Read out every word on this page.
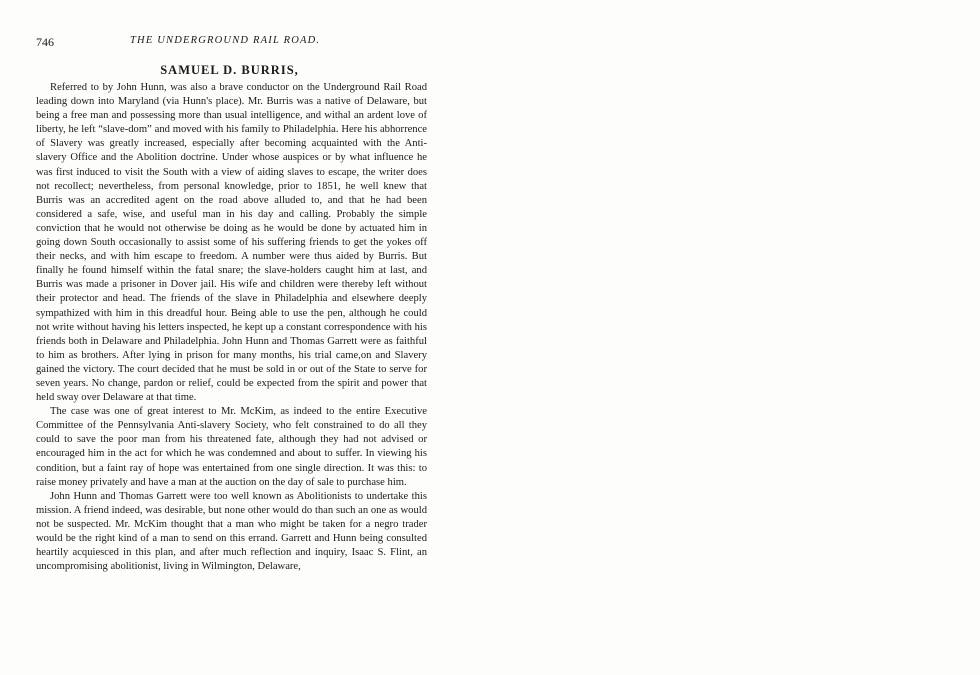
746	THE UNDERGROUND RAIL ROAD.
SAMUEL D. BURRIS,

Referred to by John Hunn, was also a brave conductor on the Underground Rail Road leading down into Maryland (via Hunn's place). Mr. Burris was a native of Delaware, but being a free man and possessing more than usual intelligence, and withal an ardent love of liberty, he left “slave-dom” and moved with his family to Philadelphia. Here his abhorrence of Slavery was greatly increased, especially after becoming acquainted with the Anti-slavery Office and the Abolition doctrine. Under whose auspices or by what influence he was first induced to visit the South with a view of aiding slaves to escape, the writer does not recollect; nevertheless, from personal knowledge, prior to 1851, he well knew that Burris was an accredited agent on the road above alluded to, and that he had been considered a safe, wise, and useful man in his day and calling. Probably the simple conviction that he would not otherwise be doing as he would be done by actuated him in going down South occasionally to assist some of his suffering friends to get the yokes off their necks, and with him escape to freedom. A number were thus aided by Burris. But finally he found himself within the fatal snare; the slave-holders caught him at last, and Burris was made a prisoner in Dover jail. His wife and children were thereby left without their protector and head. The friends of the slave in Philadelphia and elsewhere deeply sympathized with him in this dreadful hour. Being able to use the pen, although he could not write without having his letters inspected, he kept up a constant correspondence with his friends both in Delaware and Philadelphia. John Hunn and Thomas Garrett were as faithful to him as brothers. After lying in prison for many months, his trial came,on and Slavery gained the victory. The court decided that he must be sold in or out of the State to serve for seven years. No change, pardon or relief, could be expected from the spirit and power that held sway over Delaware at that time.

The case was one of great interest to Mr. McKim, as indeed to the entire Executive Committee of the Pennsylvania Anti-slavery Society, who felt constrained to do all they could to save the poor man from his threatened fate, although they had not advised or encouraged him in the act for which he was condemned and about to suffer. In viewing his condition, but a faint ray of hope was entertained from one single direction. It was this: to raise money privately and have a man at the auction on the day of sale to purchase him.

John Hunn and Thomas Garrett were too well known as Abolitionists to undertake this mission. A friend indeed, was desirable, but none other would do than such an one as would not be suspected. Mr. McKim thought that a man who might be taken for a negro trader would be the right kind of a man to send on this errand. Garrett and Hunn being consulted heartily acquiesced in this plan, and after much reflection and inquiry, Isaac S. Flint, an uncompromising abolitionist, living in Wilmington, Delaware,
